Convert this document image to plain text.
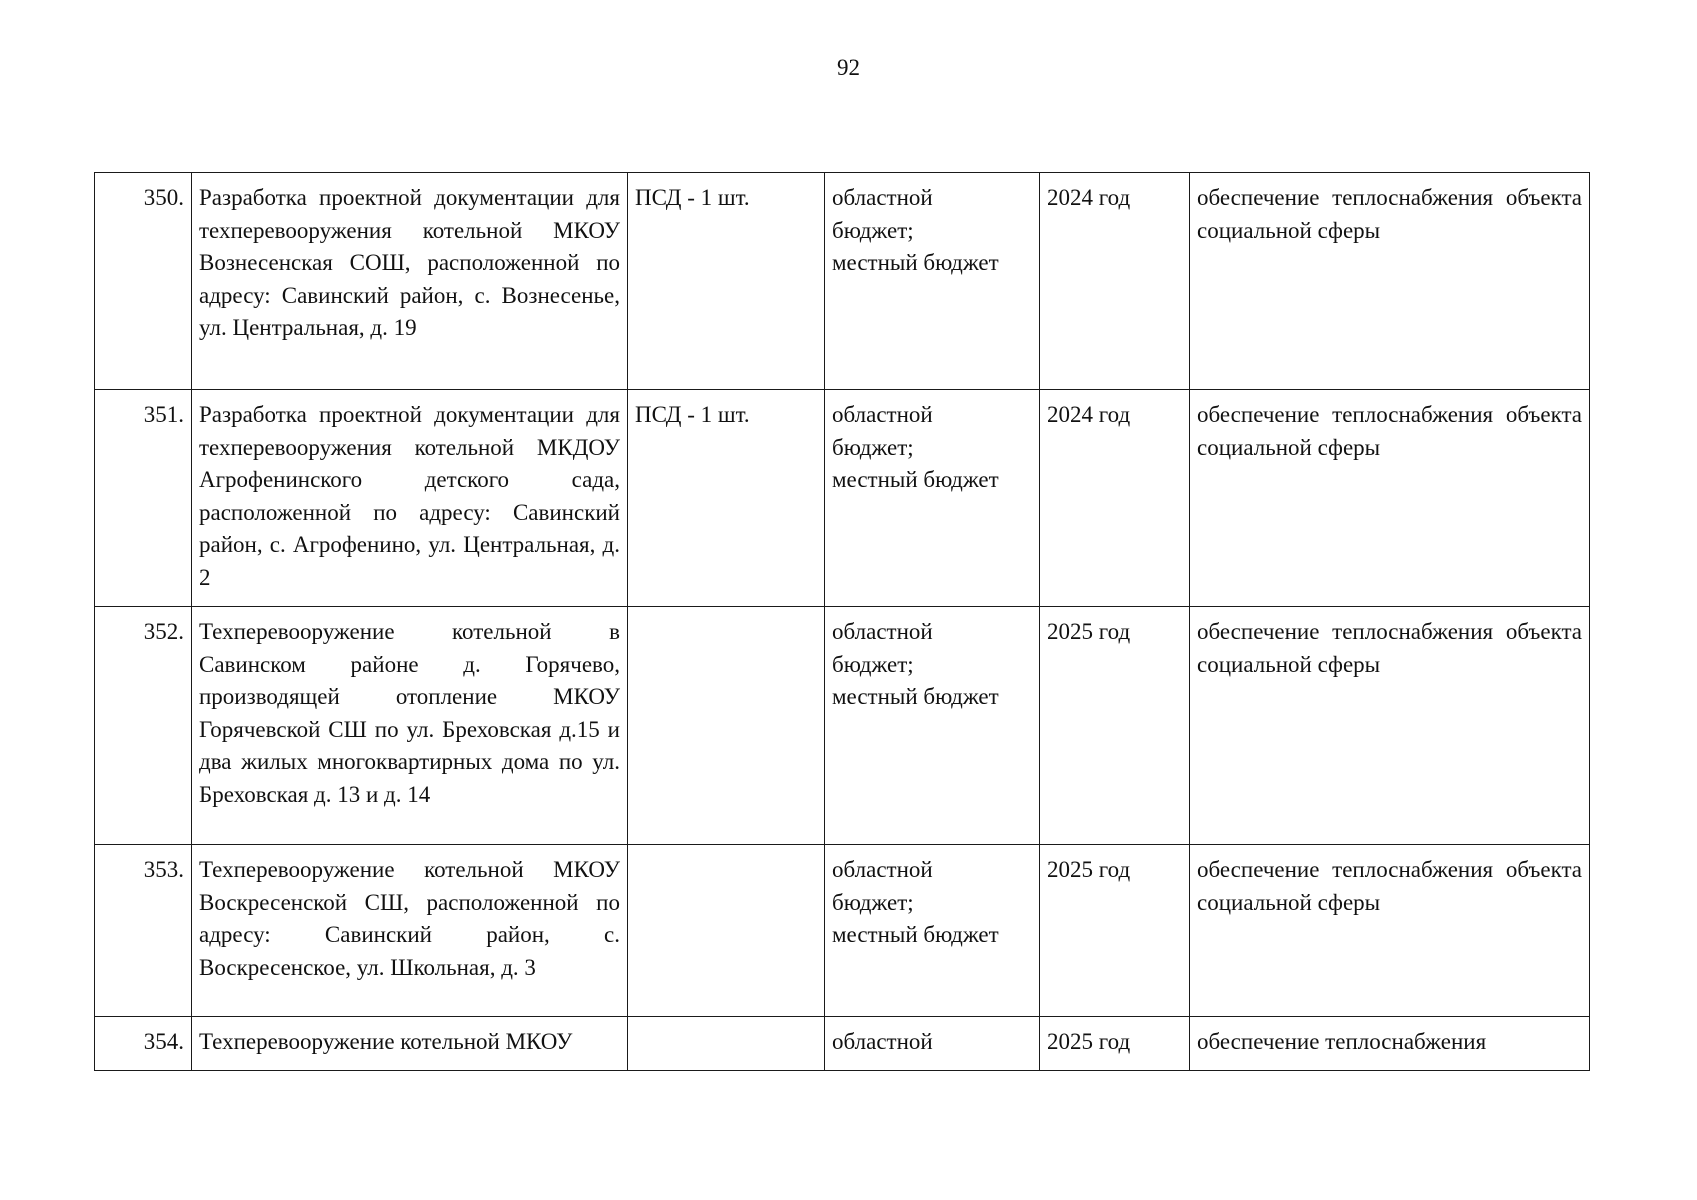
92
350.	Разработка проектной документации для техперевооружения котельной МКОУ Вознесенская СОШ, расположенной по адресу: Савинский район, с. Вознесенье, ул. Центральная, д. 19	ПСД - 1 шт.	областной
бюджет;
местный бюджет	2024 год	обеспечение теплоснабжения объекта социальной сферы
351.	Разработка проектной документации для техперевооружения котельной МКДОУ Агрофенинского детского сада, расположенной по адресу: Савинский район, с. Агрофенино, ул. Центральная, д. 2	ПСД - 1 шт.	областной
бюджет;
местный бюджет	2024 год	обеспечение теплоснабжения объекта социальной сферы
352.	Техперевооружение котельной в Савинском районе д. Горячево, производящей отопление МКОУ Горячевской СШ по ул. Бреховская д.15 и два жилых многоквартирных дома по ул. Бреховская д. 13 и д. 14		областной
бюджет;
местный бюджет	2025 год	обеспечение теплоснабжения объекта социальной сферы
353.	Техперевооружение котельной МКОУ Воскресенской СШ, расположенной по адресу: Савинский район, с. Воскресенское, ул. Школьная, д. 3		областной
бюджет;
местный бюджет	2025 год	обеспечение теплоснабжения объекта социальной сферы
354.	Техперевооружение котельной МКОУ		областной	2025 год	обеспечение теплоснабжения
